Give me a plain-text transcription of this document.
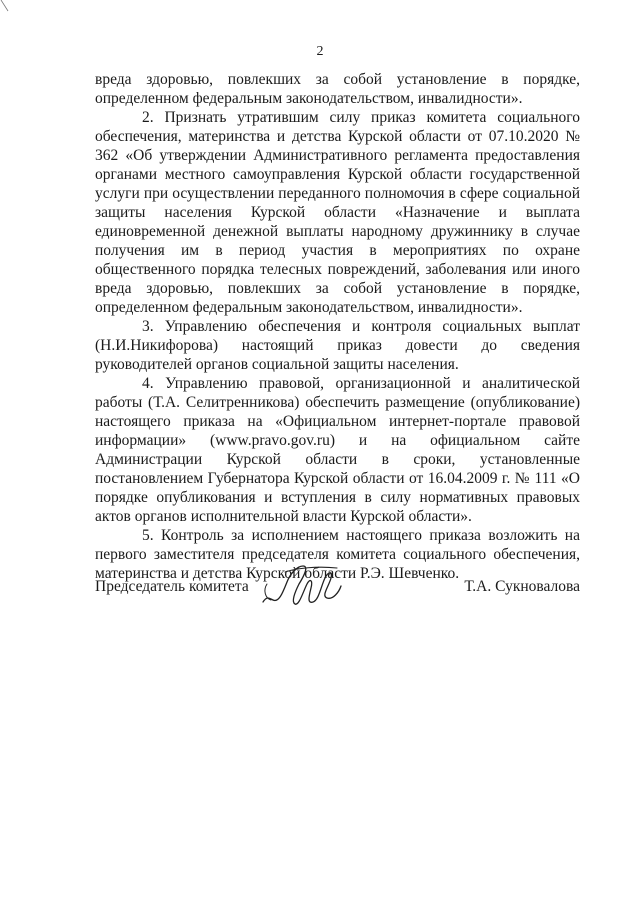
2

вреда здоровью, повлекших за собой установление в порядке, определенном федеральным законодательством, инвалидности».

2. Признать утратившим силу приказ комитета социального обеспечения, материнства и детства Курской области от 07.10.2020 № 362 «Об утверждении Административного регламента предоставления органами местного самоуправления Курской области государственной услуги при осуществлении переданного полномочия в сфере социальной защиты населения Курской области «Назначение и выплата единовременной денежной выплаты народному дружиннику в случае получения им в период участия в мероприятиях по охране общественного порядка телесных повреждений, заболевания или иного вреда здоровью, повлекших за собой установление в порядке, определенном федеральным законодательством, инвалидности».

3. Управлению обеспечения и контроля социальных выплат (Н.И.Никифорова) настоящий приказ довести до сведения руководителей органов социальной защиты населения.

4. Управлению правовой, организационной и аналитической работы (Т.А. Селитренникова) обеспечить размещение (опубликование) настоящего приказа на «Официальном интернет-портале правовой информации» (www.pravo.gov.ru) и на официальном сайте Администрации Курской области в сроки, установленные постановлением Губернатора Курской области от 16.04.2009 г. № 111 «О порядке опубликования и вступления в силу нормативных правовых актов органов исполнительной власти Курской области».

5. Контроль за исполнением настоящего приказа возложить на первого заместителя председателя комитета социального обеспечения, материнства и детства Курской области Р.Э. Шевченко.

Председатель комитета	Т.А. Сукновалова
